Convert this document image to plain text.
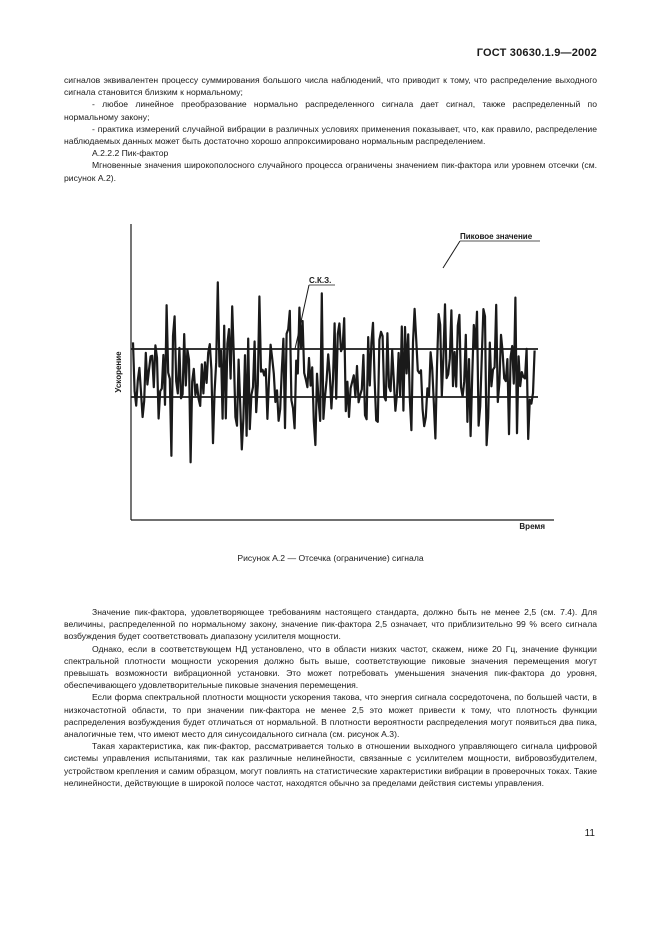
ГОСТ 30630.1.9—2002

сигналов эквивалентен процессу суммирования большого числа наблюдений, что приводит к тому, что распределение выходного сигнала становится близким к нормальному;

- любое линейное преобразование нормально распределенного сигнала дает сигнал, также распределенный по нормальному закону;

- практика измерений случайной вибрации в различных условиях применения показывает, что, как правило, распределение наблюдаемых данных может быть достаточно хорошо аппроксимировано нормальным распределением.

А.2.2.2 Пик-фактор

Мгновенные значения широкополосного случайного процесса ограничены значением пик-фактора или уровнем отсечки (см. рисунок А.2).

Ускорение
Время
С.К.З.
Пиковое значение
Рисунок А.2 — Отсечка (ограничение) сигнала

Значение пик-фактора, удовлетворяющее требованиям настоящего стандарта, должно быть не менее 2,5 (см. 7.4). Для величины, распределенной по нормальному закону, значение пик-фактора 2,5 означает, что приблизительно 99 % всего сигнала возбуждения будет соответствовать диапазону усилителя мощности.

Однако, если в соответствующем НД установлено, что в области низких частот, скажем, ниже 20 Гц, значение функции спектральной плотности мощности ускорения должно быть выше, соответствующие пиковые значения перемещения могут превышать возможности вибрационной установки. Это может потребовать уменьшения значения пик-фактора до уровня, обеспечивающего удовлетворительные пиковые значения перемещения.

Если форма спектральной плотности мощности ускорения такова, что энергия сигнала сосредоточена, по большей части, в низкочастотной области, то при значении пик-фактора не менее 2,5 это может привести к тому, что плотность функции распределения возбуждения будет отличаться от нормальной. В плотности вероятности распределения могут появиться два пика, аналогичные тем, что имеют место для синусоидального сигнала (см. рисунок А.3).

Такая характеристика, как пик-фактор, рассматривается только в отношении выходного управляющего сигнала цифровой системы управления испытаниями, так как различные нелинейности, связанные с усилителем мощности, вибровозбудителем, устройством крепления и самим образцом, могут повлиять на статистические характеристики вибрации в проверочных токах. Такие нелинейности, действующие в широкой полосе частот, находятся обычно за пределами действия системы управления.

11
